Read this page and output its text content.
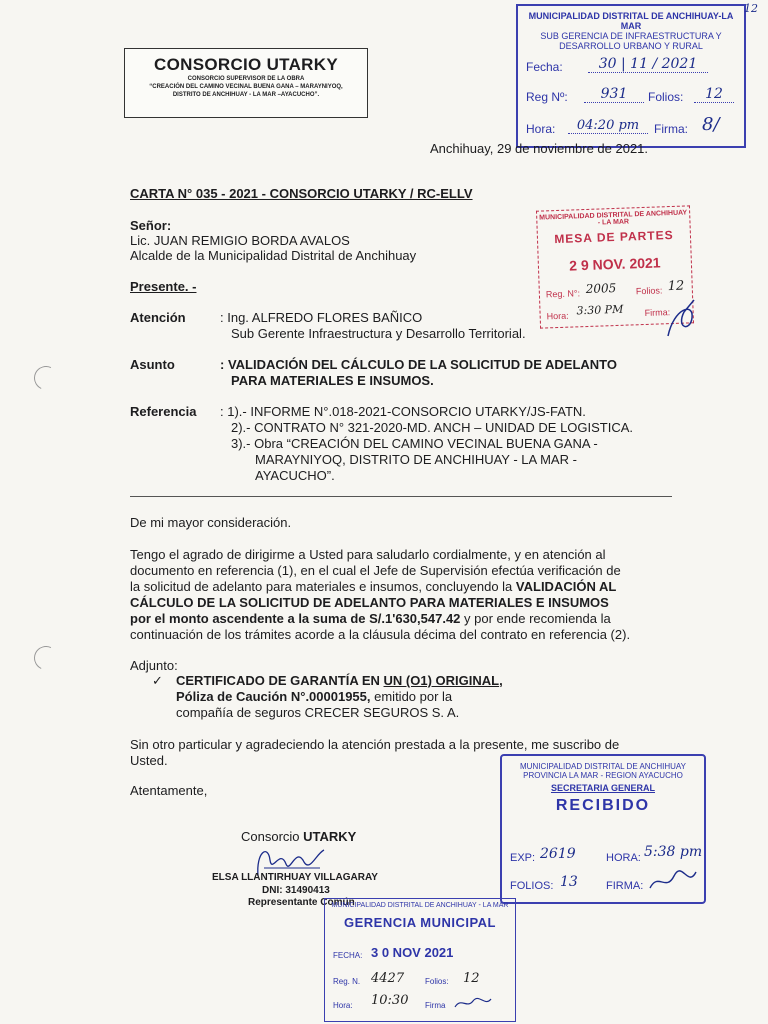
CONSORCIO UTARKY
CONSORCIO SUPERVISOR DE LA OBRA
“CREACIÓN DEL CAMINO VECINAL BUENA GANA – MARAYNIYOQ,
DISTRITO DE ANCHIHUAY - LA MAR –AYACUCHO”.
MUNICIPALIDAD DISTRITAL DE ANCHIHUAY-LA MAR
SUB GERENCIA DE INFRAESTRUCTURA Y
DESARROLLO URBANO Y RURAL
Fecha:	30 | 11 / 2021
Reg Nº:	931	Folios:	12
Hora:	04:20 pm	Firma: 8/
12
Anchihuay, 29 de noviembre de 2021.
CARTA N° 035 - 2021 - CONSORCIO UTARKY / RC-ELLV
Señor:
Lic. JUAN REMIGIO BORDA AVALOS
Alcalde de la Municipalidad Distrital de Anchihuay
Presente. -
MUNICIPALIDAD DISTRITAL DE ANCHIHUAY - LA MAR
MESA DE PARTES
2 9 NOV. 2021
Reg. N°: 2005 Folios: 12
Hora: 3:30 PM Firma:
Atención	: Ing. ALFREDO FLORES BAÑICO
Sub Gerente Infraestructura y Desarrollo Territorial.
Asunto	: VALIDACIÓN DEL CÁLCULO DE LA SOLICITUD DE ADELANTO
PARA MATERIALES E INSUMOS.
Referencia : 1).- INFORME N°.018-2021-CONSORCIO UTARKY/JS-FATN.
2).- CONTRATO N° 321-2020-MD. ANCH – UNIDAD DE LOGISTICA.
3).- Obra “CREACIÓN DEL CAMINO VECINAL BUENA GANA -
MARAYNIYOQ, DISTRITO DE ANCHIHUAY - LA MAR -
AYACUCHO”.
De mi mayor consideración.
Tengo el agrado de dirigirme a Usted para saludarlo cordialmente, y en atención al
documento en referencia (1), en el cual el Jefe de Supervisión efectúa verificación de
la solicitud de adelanto para materiales e insumos, concluyendo la VALIDACIÓN AL
CÁLCULO DE LA SOLICITUD DE ADELANTO PARA MATERIALES E INSUMOS
por el monto ascendente a la suma de S/.1'630,547.42 y por ende recomienda la
continuación de los trámites acorde a la cláusula décima del contrato en referencia (2).
Adjunto:
✓ CERTIFICADO DE GARANTÍA EN UN (O1) ORIGINAL,
Póliza de Caución N°.00001955, emitido por la
compañía de seguros CRECER SEGUROS S. A.
Sin otro particular y agradeciendo la atención prestada a la presente, me suscribo de
Usted.
Atentamente,
MUNICIPALIDAD DISTRITAL DE ANCHIHUAY
PROVINCIA LA MAR - REGION AYACUCHO
SECRETARIA GENERAL
RECIBIDO
EXP: 2619	HORA: 5:38 pm
FOLIOS: 13	FIRMA:
Consorcio UTARKY
ELSA LLANTIRHUAY VILLAGARAY
DNI: 31490413
Representante Común
MUNICIPALIDAD DISTRITAL DE ANCHIHUAY - LA MAR
GERENCIA MUNICIPAL
FECHA: 3 0 NOV 2021
Reg. N. 4427	Folios: 12
Hora: 10:30 Firma
